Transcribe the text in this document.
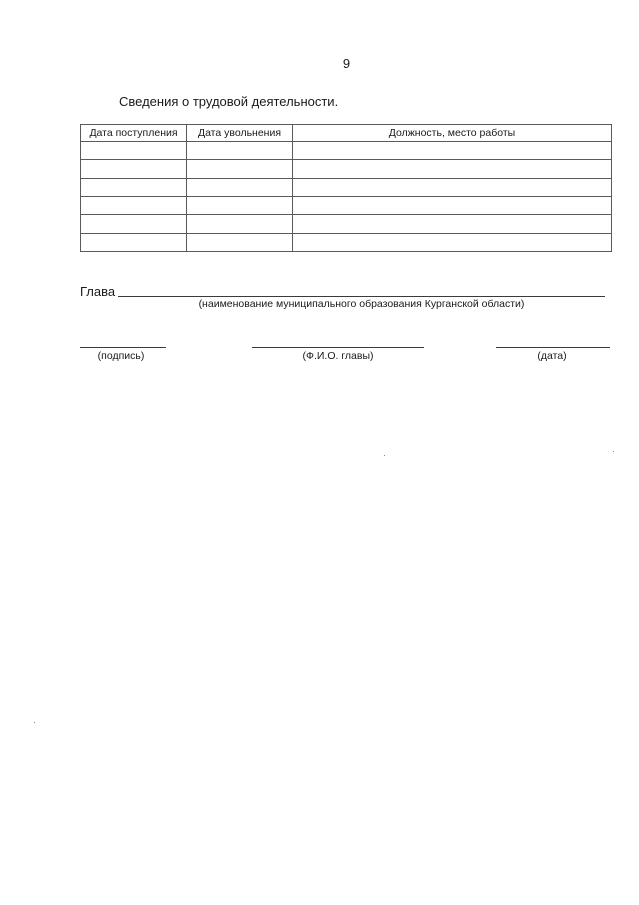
9
Сведения о трудовой деятельности.
Дата поступления	Дата увольнения	Должность, место работы

Глава
(наименование муниципального образования Курганской области)
(подпись)	(Ф.И.О. главы)	(дата)
